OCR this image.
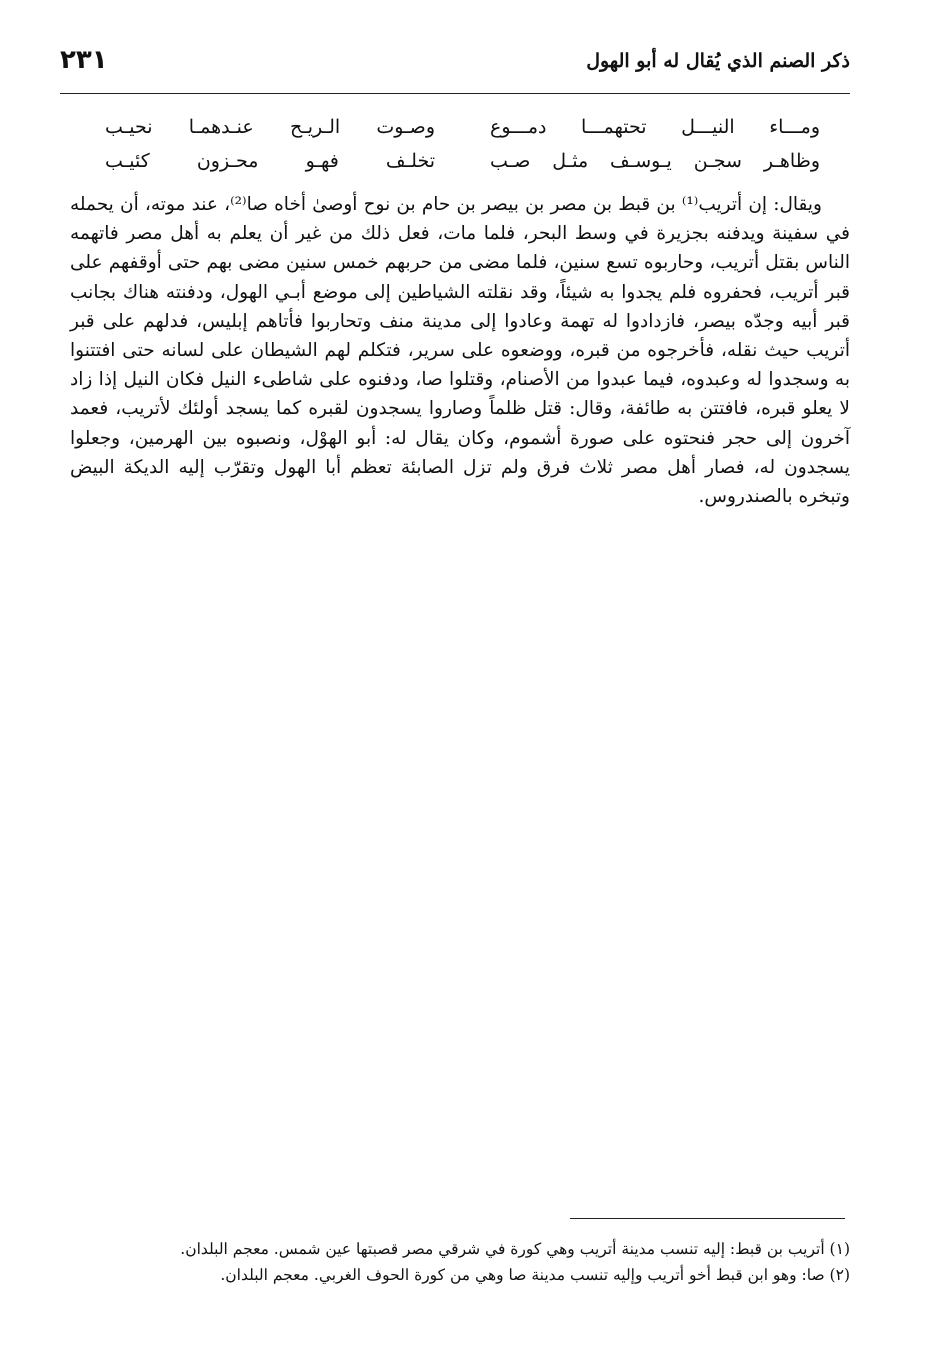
٢٣١	ذكر الصنم الذي يُقال له أبو الهول
ومـــاء النيـــل تحتهمـــا دمـــوع
وصـوت الـريـح عنـدهمـا نحيـب
وظاهـر سجـن يـوسـف مثـل صـب
تخلـف فهـو محـزون كئيـب

ويقال: إن أتريب⁽¹⁾ بن قبط بن مصر بن بيصر بن حام بن نوح أوصىٰ أخاه صا⁽²⁾، عند موته، أن يحمله في سفينة ويدفنه بجزيرة في وسط البحر، فلما مات، فعل ذلك من غير أن يعلم به أهل مصر فاتهمه الناس بقتل أتريب، وحاربوه تسع سنين، فلما مضى من حربهم خمس سنين مضى بهم حتى أوقفهم على قبر أتريب، فحفروه فلم يجدوا به شيئاً، وقد نقلته الشياطين إلى موضع أبـي الهول، ودفنته هناك بجانب قبر أبيه وجدّه بيصر، فازدادوا له تهمة وعادوا إلى مدينة منف وتحاربوا فأتاهم إبليس، فدلهم على قبر أتريب حيث نقله، فأخرجوه من قبره، ووضعوه على سرير، فتكلم لهم الشيطان على لسانه حتى افتتنوا به وسجدوا له وعبدوه، فيما عبدوا من الأصنام، وقتلوا صا، ودفنوه على شاطىء النيل فكان النيل إذا زاد لا يعلو قبره، فافتتن به طائفة، وقال: قتل ظلماً وصاروا يسجدون لقبره كما يسجد أولئك لأتريب، فعمد آخرون إلى حجر فنحتوه على صورة أشموم، وكان يقال له: أبو الهوْل، ونصبوه بين الهرمين، وجعلوا يسجدون له، فصار أهل مصر ثلاث فرق ولم تزل الصابئة تعظم أبا الهول وتقرّب إليه الديكة البيض وتبخره بالصندروس.

(١) أتريب بن قبط: إليه تنسب مدينة أتريب وهي كورة في شرقي مصر قصبتها عين شمس. معجم البلدان.
(٢) صا: وهو ابن قبط أخو أتريب وإليه تنسب مدينة صا وهي من كورة الحوف الغربي. معجم البلدان.
